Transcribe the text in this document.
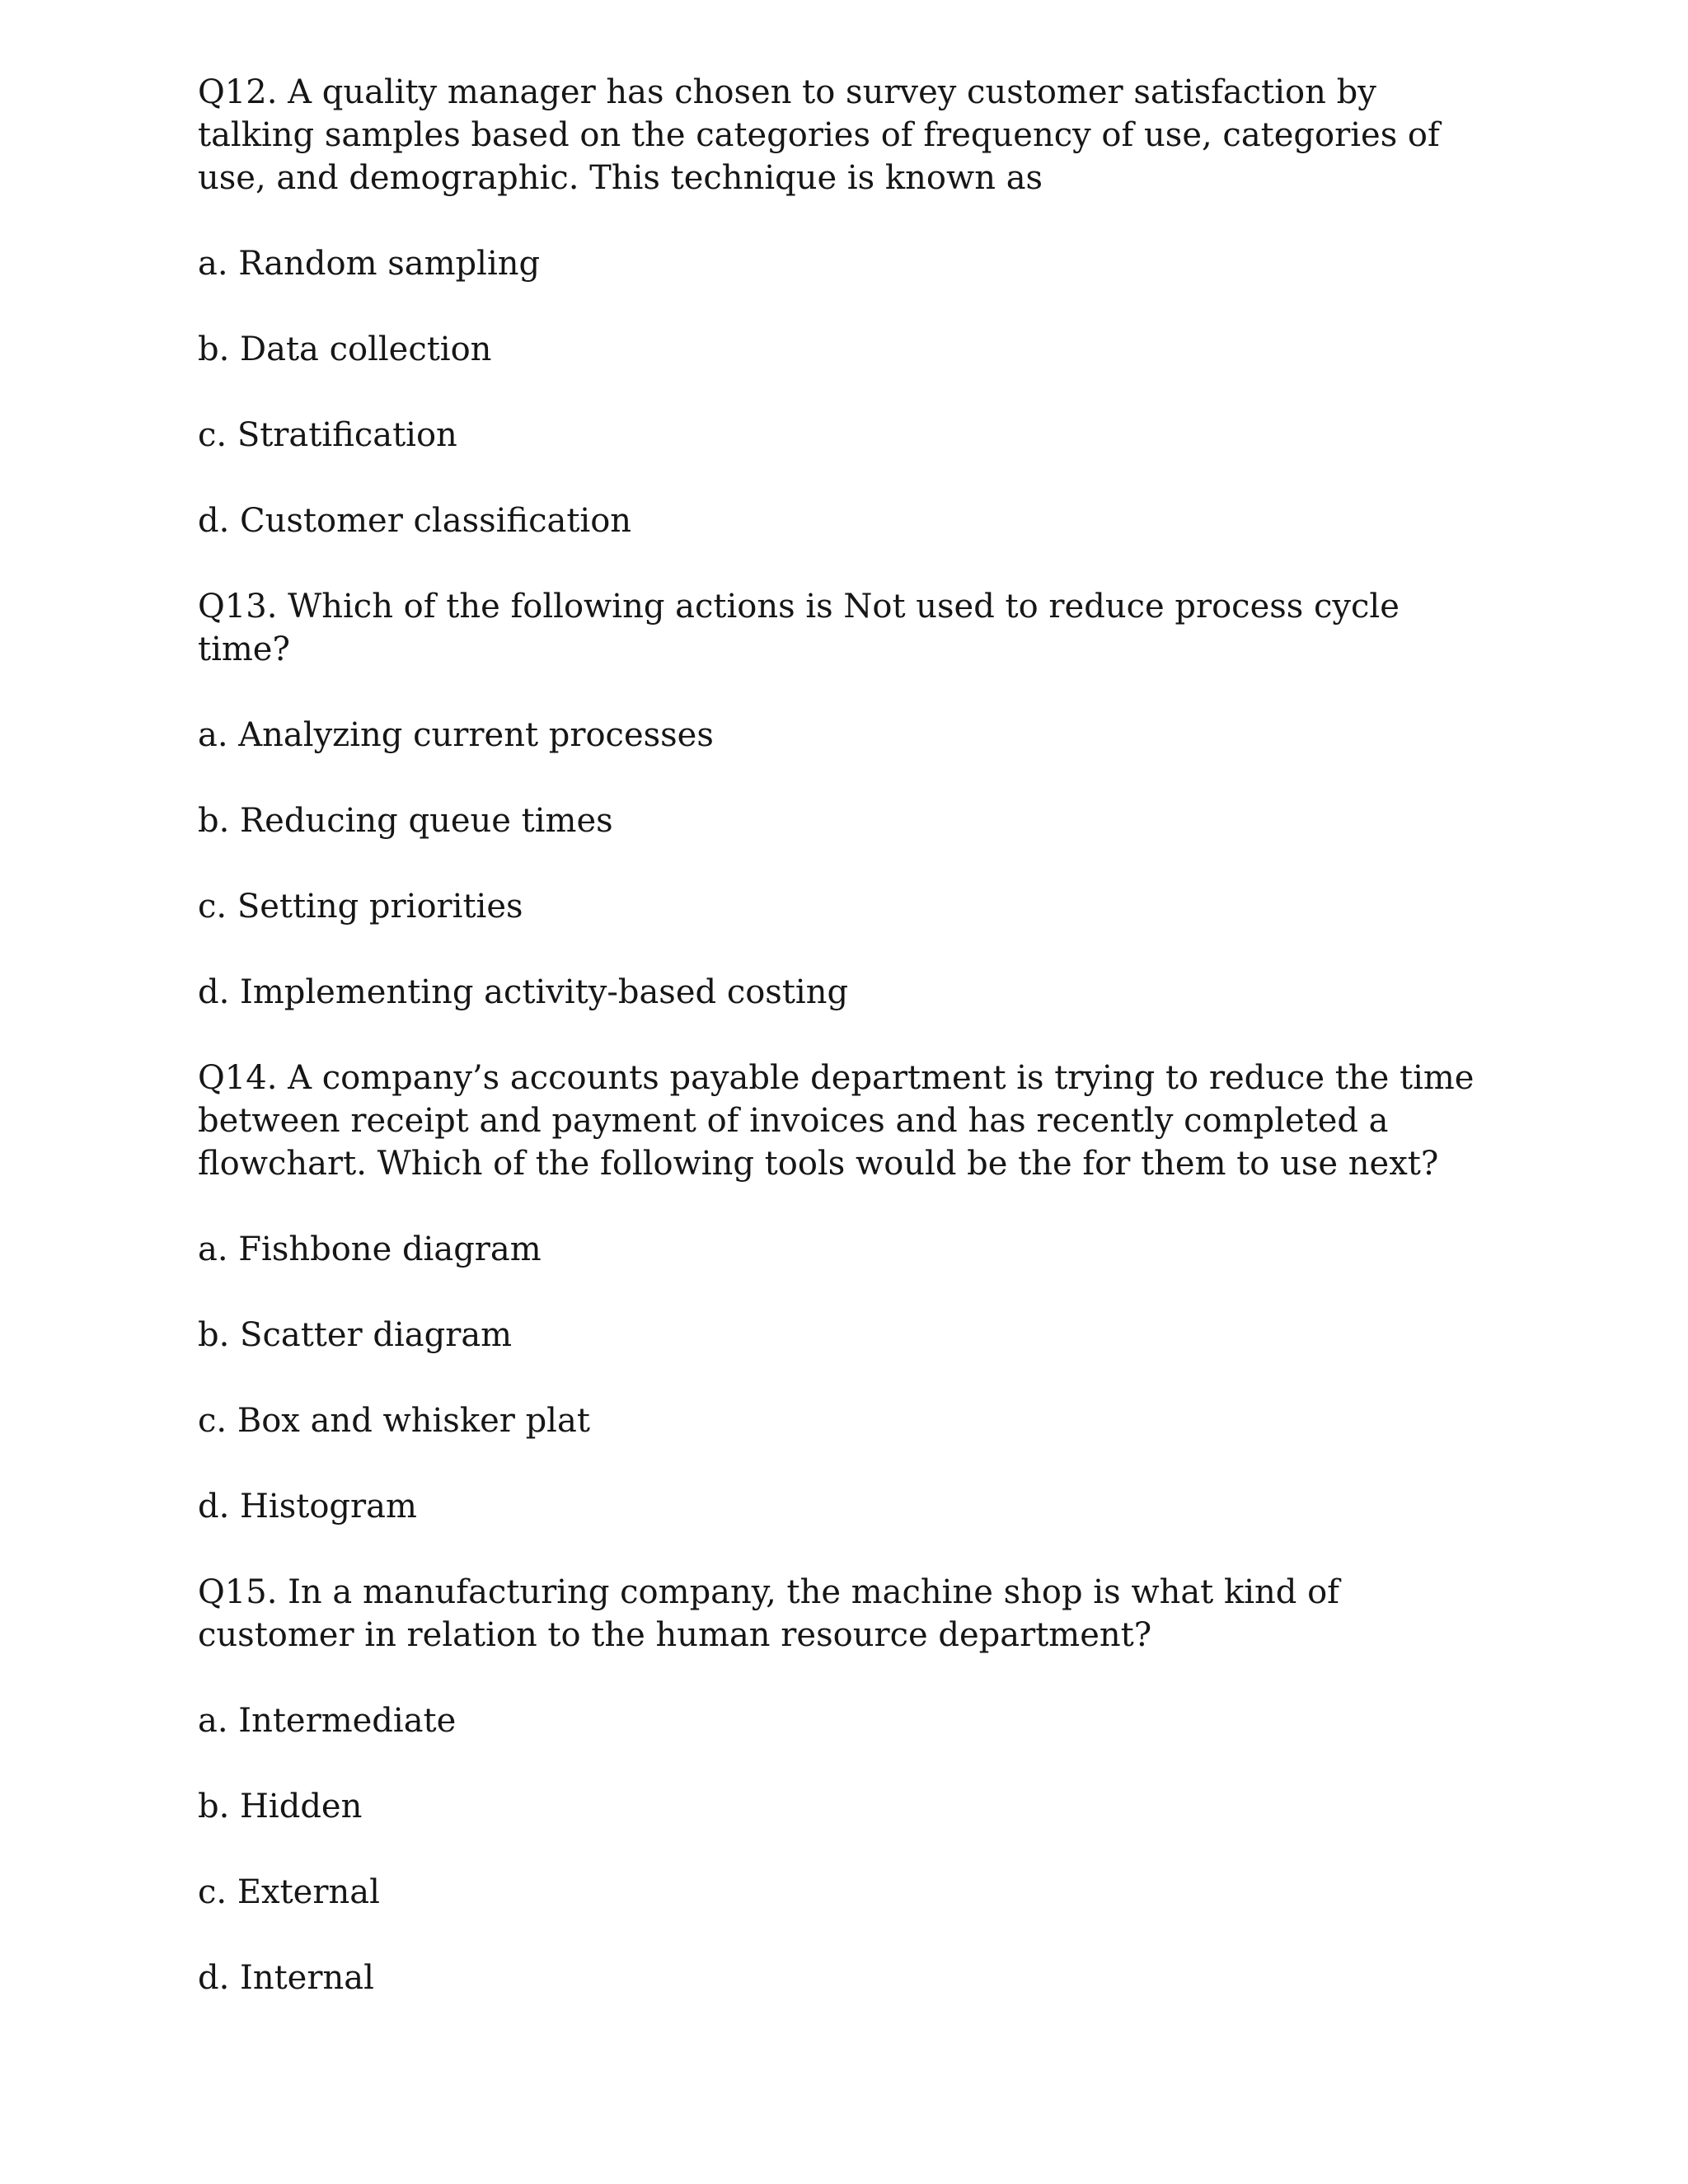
Q12. A quality manager has chosen to survey customer satisfaction by talking samples based on the categories of frequency of use, categories of use, and demographic. This technique is known as

a. Random sampling

b. Data collection

c. Stratification

d. Customer classification

Q13. Which of the following actions is Not used to reduce process cycle time?

a. Analyzing current processes

b. Reducing queue times

c. Setting priorities

d. Implementing activity-based costing

Q14. A company’s accounts payable department is trying to reduce the time between receipt and payment of invoices and has recently completed a flowchart. Which of the following tools would be the for them to use next?

a. Fishbone diagram

b. Scatter diagram

c. Box and whisker plat

d. Histogram

Q15. In a manufacturing company, the machine shop is what kind of customer in relation to the human resource department?

a. Intermediate

b. Hidden

c. External

d. Internal
